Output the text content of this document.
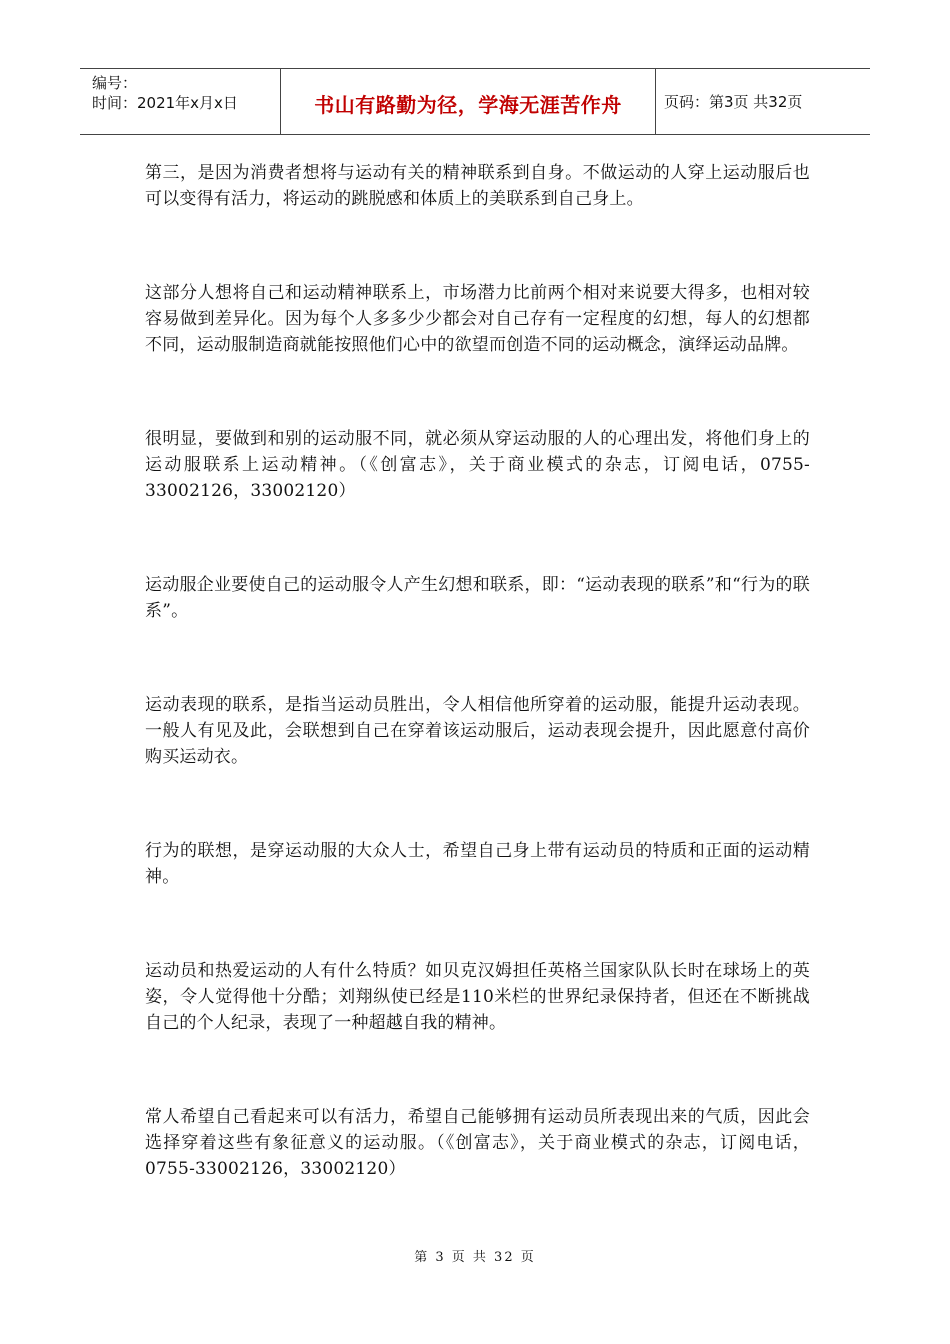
编号：
时间：2021年x月x日	书山有路勤为径，学海无涯苦作舟	页码：第3页 共32页

第三，是因为消费者想将与运动有关的精神联系到自身。不做运动的人穿上运动服后也可以变得有活力，将运动的跳脱感和体质上的美联系到自己身上。

这部分人想将自己和运动精神联系上，市场潜力比前两个相对来说要大得多，也相对较容易做到差异化。因为每个人多多少少都会对自己存有一定程度的幻想，每人的幻想都不同，运动服制造商就能按照他们心中的欲望而创造不同的运动概念，演绎运动品牌。

很明显，要做到和别的运动服不同，就必须从穿运动服的人的心理出发，将他们身上的运动服联系上运动精神。（《创富志》，关于商业模式的杂志，订阅电话，0755-33002126，33002120）

运动服企业要使自己的运动服令人产生幻想和联系，即：“运动表现的联系”和“行为的联系”。

运动表现的联系，是指当运动员胜出，令人相信他所穿着的运动服，能提升运动表现。一般人有见及此，会联想到自己在穿着该运动服后，运动表现会提升，因此愿意付高价购买运动衣。

行为的联想，是穿运动服的大众人士，希望自己身上带有运动员的特质和正面的运动精神。

运动员和热爱运动的人有什么特质？如贝克汉姆担任英格兰国家队队长时在球场上的英姿，令人觉得他十分酷；刘翔纵使已经是110米栏的世界纪录保持者，但还在不断挑战自己的个人纪录，表现了一种超越自我的精神。

常人希望自己看起来可以有活力，希望自己能够拥有运动员所表现出来的气质，因此会选择穿着这些有象征意义的运动服。（《创富志》，关于商业模式的杂志，订阅电话，0755-33002126，33002120）

第 3 页 共 32 页
